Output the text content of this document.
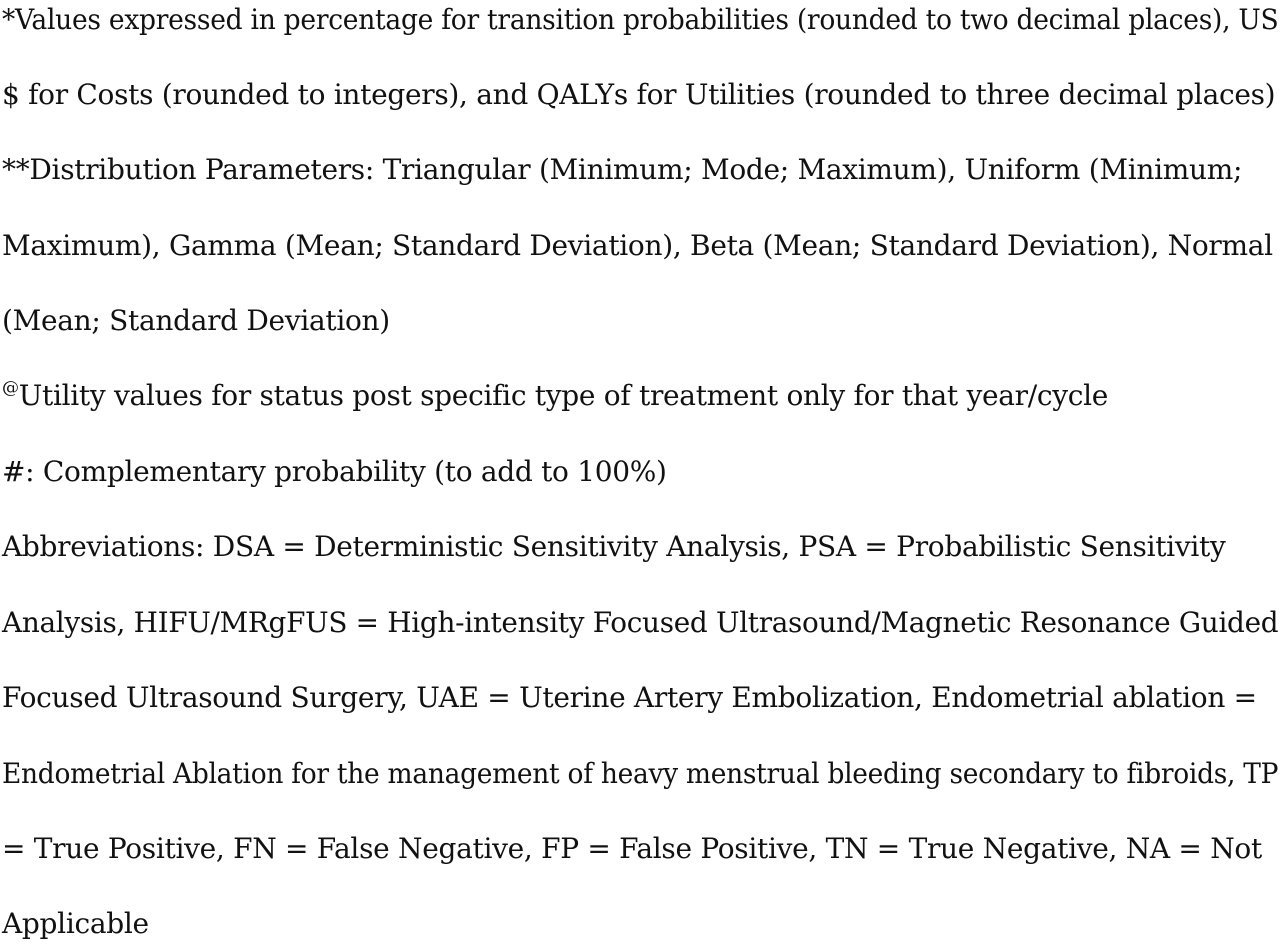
*Values expressed in percentage for transition probabilities (rounded to two decimal places), US
$ for Costs (rounded to integers), and QALYs for Utilities (rounded to three decimal places)
**Distribution Parameters: Triangular (Minimum; Mode; Maximum), Uniform (Minimum;
Maximum), Gamma (Mean; Standard Deviation), Beta (Mean; Standard Deviation), Normal
(Mean; Standard Deviation)
@Utility values for status post specific type of treatment only for that year/cycle
#: Complementary probability (to add to 100%)
Abbreviations: DSA = Deterministic Sensitivity Analysis, PSA = Probabilistic Sensitivity
Analysis, HIFU/MRgFUS = High-intensity Focused Ultrasound/Magnetic Resonance Guided
Focused Ultrasound Surgery, UAE = Uterine Artery Embolization, Endometrial ablation =
Endometrial Ablation for the management of heavy menstrual bleeding secondary to fibroids, TP
= True Positive, FN = False Negative, FP = False Positive, TN = True Negative, NA = Not
Applicable
